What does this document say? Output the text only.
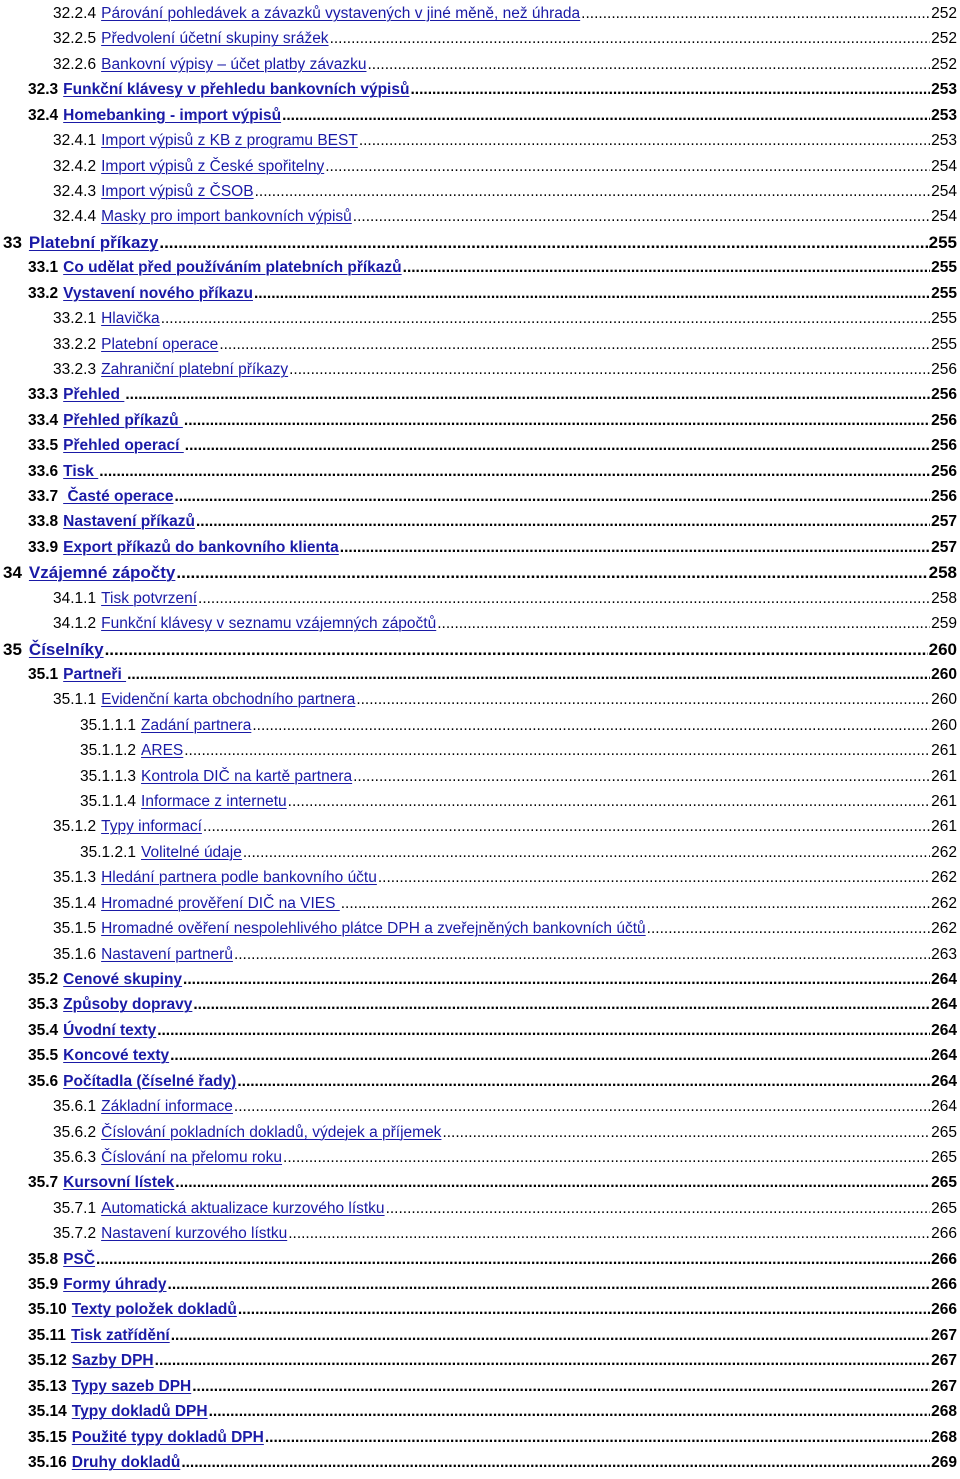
32.2.4 Párování pohledávek a závazků vystavených v jiné měně, než úhrada .....	252
32.2.5 Předvolení účetní skupiny srážek .....	252
32.2.6 Bankovní výpisy – účet platby závazku .....	252
32.3 Funkční klávesy v přehledu bankovních výpisů .....	253
32.4 Homebanking - import výpisů .....	253
32.4.1 Import výpisů z KB z programu BEST .....	253
32.4.2 Import výpisů z České spořitelny .....	254
32.4.3 Import výpisů z ČSOB .....	254
32.4.4 Masky pro import bankovních výpisů .....	254
33 Platební příkazy .....	255
33.1 Co udělat před používáním platebních příkazů .....	255
33.2 Vystavení nového příkazu .....	255
33.2.1 Hlavička .....	255
33.2.2 Platební operace .....	255
33.2.3 Zahraniční platební příkazy .....	256
33.3 Přehled .....	256
33.4 Přehled příkazů .....	256
33.5 Přehled operací .....	256
33.6 Tisk .....	256
33.7 Časté operace .....	256
33.8 Nastavení příkazů .....	257
33.9 Export příkazů do bankovního klienta .....	257
34 Vzájemné zápočty .....	258
34.1.1 Tisk potvrzení .....	258
34.1.2 Funkční klávesy v seznamu vzájemných zápočtů .....	259
35 Číselníky .....	260
35.1 Partneři .....	260
35.1.1 Evidenční karta obchodního partnera .....	260
35.1.1.1 Zadání partnera .....	260
35.1.1.2 ARES .....	261
35.1.1.3 Kontrola DIČ na kartě partnera .....	261
35.1.1.4 Informace z internetu .....	261
35.1.2 Typy informací .....	261
35.1.2.1 Volitelné údaje .....	262
35.1.3 Hledání partnera podle bankovního účtu .....	262
35.1.4 Hromadné prověření DIČ na VIES .....	262
35.1.5 Hromadné ověření nespolehlivého plátce DPH a zveřejněných bankovních účtů .....	262
35.1.6 Nastavení partnerů .....	263
35.2 Cenové skupiny .....	264
35.3 Způsoby dopravy .....	264
35.4 Úvodní texty .....	264
35.5 Koncové texty .....	264
35.6 Počítadla (číselné řady) .....	264
35.6.1 Základní informace .....	264
35.6.2 Číslování pokladních dokladů, výdejek a příjemek .....	265
35.6.3 Číslování na přelomu roku .....	265
35.7 Kursovní lístek .....	265
35.7.1 Automatická aktualizace kurzového lístku .....	265
35.7.2 Nastavení kurzového lístku .....	266
35.8 PSČ .....	266
35.9 Formy úhrady .....	266
35.10 Texty položek dokladů .....	266
35.11 Tisk zatřídění .....	267
35.12 Sazby DPH .....	267
35.13 Typy sazeb DPH .....	267
35.14 Typy dokladů DPH .....	268
35.15 Použité typy dokladů DPH .....	268
35.16 Druhy dokladů .....	269
